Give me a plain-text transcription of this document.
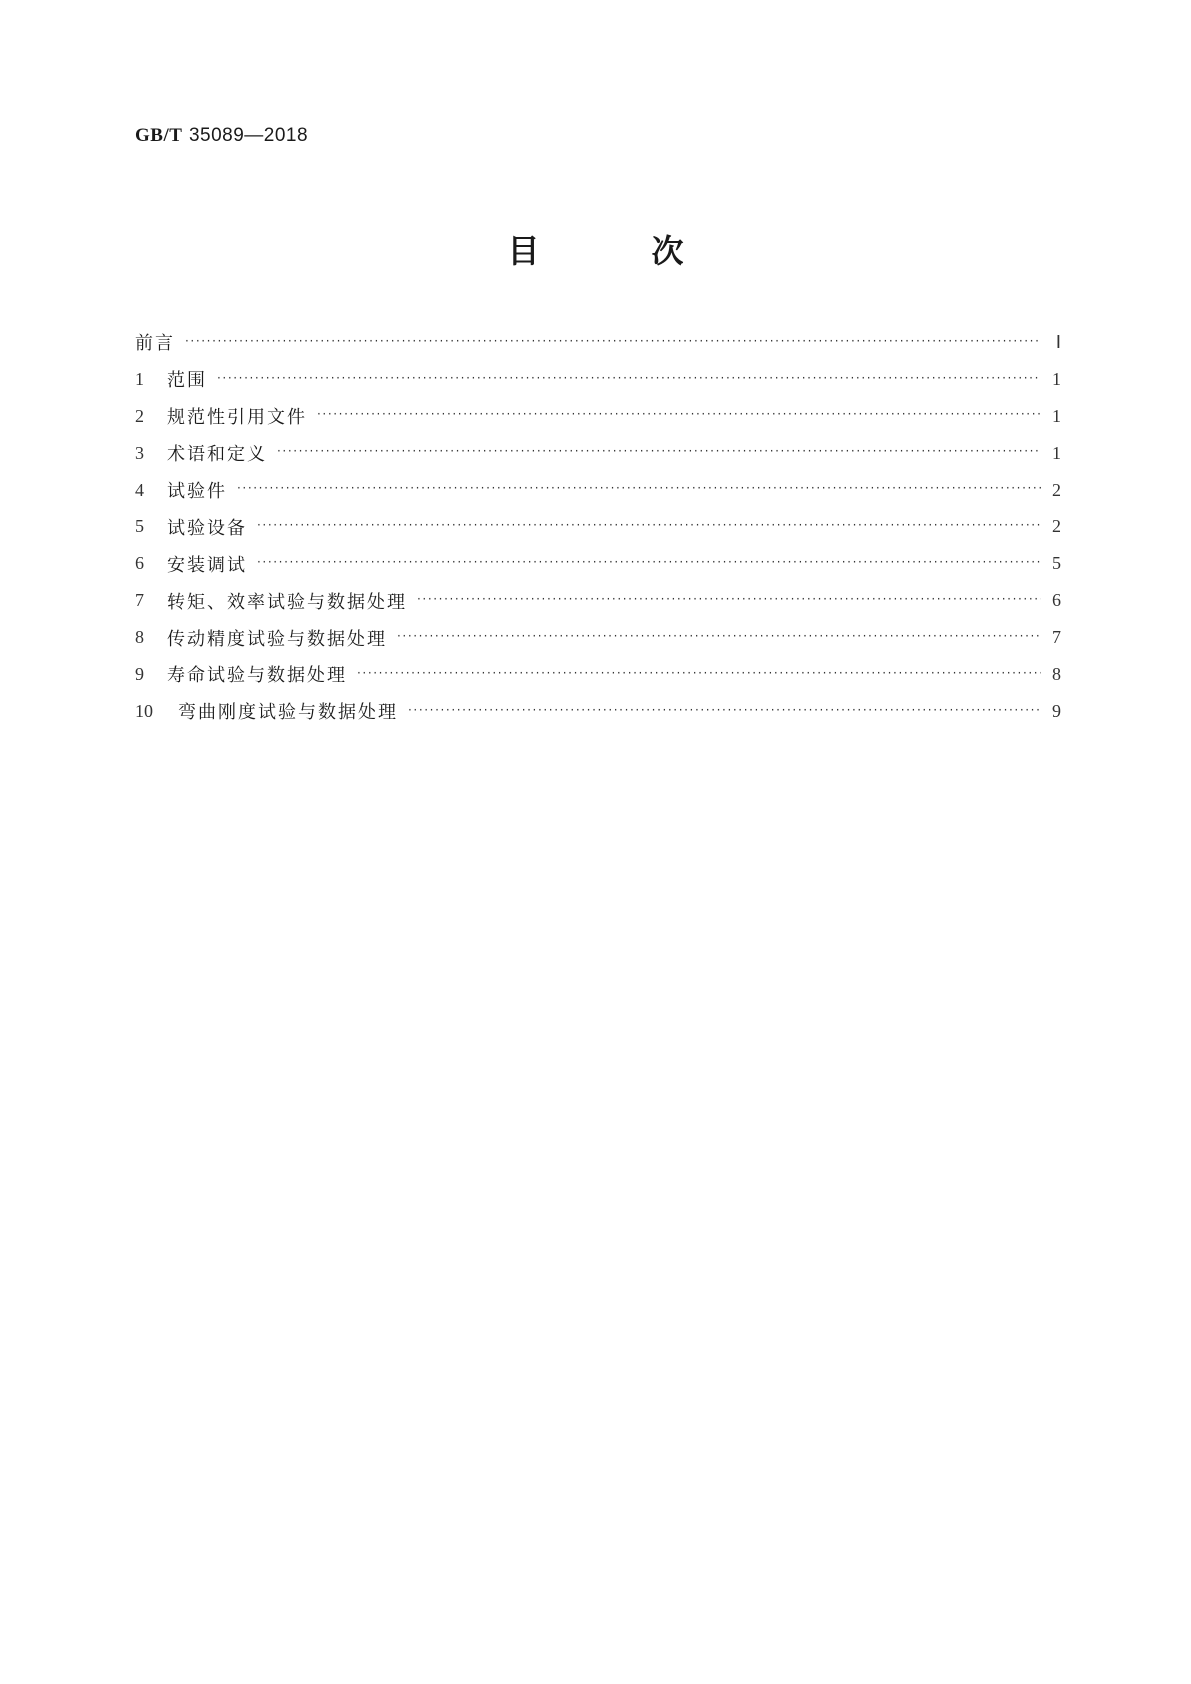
GB/T 35089—2018
目　次
前言 ·····	Ⅰ
1	范围 ·····	1
2	规范性引用文件 ·····	1
3	术语和定义 ·····	1
4	试验件 ·····	2
5	试验设备 ·····	2
6	安装调试 ·····	5
7	转矩、效率试验与数据处理 ·····	6
8	传动精度试验与数据处理 ·····	7
9	寿命试验与数据处理 ·····	8
10	弯曲刚度试验与数据处理 ·····	9
